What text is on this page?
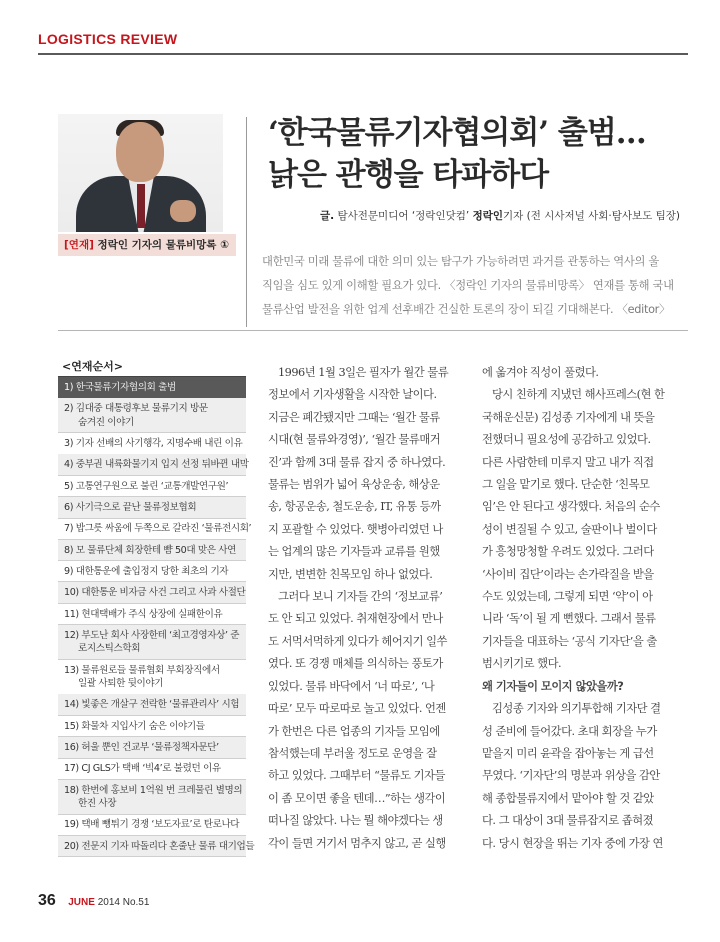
LOGISTICS REVIEW
[연재] 정락인 기자의 물류비망록 ①
‘한국물류기자협의회’ 출범…
낡은 관행을 타파하다
글. 탐사전문미디어 ‘정락인닷컴’ 정락인기자 (전 시사저널 사회·탐사보도 팀장)
대한민국 미래 물류에 대한 의미 있는 탐구가 가능하려면 과거를 관통하는 역사의 울
직임을 심도 있게 이해할 필요가 있다. 〈정락인 기자의 물류비망록〉 연재를 통해 국내
물류산업 발전을 위한 업계 선후배간 건실한 토론의 장이 되길 기대해본다. 〈editor〉
<연재순서>
1) 한국물류기자협의회 출범
2) 김대중 대통령후보 물류기지 방문
숨겨진 이야기
3) 기자 선배의 사기행각, 지명수배 내린 이유
4) 중부권 내륙화물기지 입지 선정 뒤바뀐 내막
5) 고통연구원으로 불린 ‘교통개발연구원’
6) 사기극으로 끝난 물류정보협회
7) 밥그릇 싸움에 두쪽으로 갈라진 ‘물류전시회’
8) 모 물류단체 회장한테 뺨 50대 맞은 사연
9) 대한통운에 출입정지 당한 최초의 기자
10) 대한통운 비자금 사건 그리고 사과 사절단
11) 현대택배가 주식 상장에 실패한이유
12) 부도난 회사 사장한테 ‘최고경영자상’ 준
로지스틱스학회
13) 물류원로들 물류협회 부회장직에서
일괄 사퇴한 뒷이야기
14) 빛좋은 개살구 전락한 ‘물류관리사’ 시험
15) 화물차 지입사기 숨은 이야기들
16) 허울 뿐인 건교부 ‘물류정책자문단’
17) CJ GLS가 택배 ‘빅4’로 불렸던 이유
18) 한번에 홍보비 1억원 번 크레물린 별명의
한진 사장
19) 택배 뺑튀기 경쟁 ‘보도자료’로 탄로나다
20) 전문지 기자 따돌리다 혼줄난 물류 대기업들
1996년 1월 3일은 필자가 월간 물류
정보에서 기자생활을 시작한 날이다.
지금은 폐간됐지만 그때는 ‘월간 물류
시대(현 물류와경영)’, ‘월간 물류매거
진’과 함께 3대 물류 잡지 중 하나였다.
물류는 범위가 넓어 육상운송, 해상운
송, 항공운송, 철도운송, IT, 유통 등까
지 포괄할 수 있었다. 햇병아리였던 나
는 업계의 많은 기자들과 교류를 원했
지만, 변변한 친목모임 하나 없었다.
그러다 보니 기자들 간의 ‘정보교류’
도 안 되고 있었다. 취재현장에서 만나
도 서먹서먹하게 있다가 헤어지기 일쑤
였다. 또 경쟁 매체를 의식하는 풍토가
있었다. 물류 바닥에서 ‘너 따로’, ‘나
따로’ 모두 따로따로 놀고 있었다. 언젠
가 한번은 다른 업종의 기자들 모임에
참석했는데 부러울 정도로 운영을 잘
하고 있었다. 그때부터 “물류도 기자들
이 좀 모이면 좋을 텐데…”하는 생각이
떠나질 않았다. 나는 뭘 해야겠다는 생
각이 들면 거기서 멈추지 않고, 곧 실행
에 옮겨야 직성이 풀렸다.
당시 친하게 지냈던 해사프레스(현 한
국해운신문) 김성종 기자에게 내 뜻을
전했더니 필요성에 공감하고 있었다.
다른 사람한테 미루지 말고 내가 직접
그 일을 맡기로 했다. 단순한 ‘친목모
임’은 안 된다고 생각했다. 처음의 순수
성이 변질될 수 있고, 술판이나 벌이다
가 흥청망청할 우려도 있었다. 그러다
‘사이비 집단’이라는 손가락질을 받을
수도 있었는데, 그렇게 되면 ‘약’이 아
니라 ‘독’이 될 게 뻔했다. 그래서 물류
기자들을 대표하는 ‘공식 기자단’을 출
범시키기로 했다.
왜 기자들이 모이지 않았을까?
김성종 기자와 의기투합해 기자단 결
성 준비에 들어갔다. 초대 회장을 누가
맡을지 미리 윤곽을 잡아놓는 게 급선
무였다. ‘기자단’의 명분과 위상을 감안
해 종합물류지에서 맡아야 할 것 같았
다. 그 대상이 3대 물류잡지로 좁혀졌
다. 당시 현장을 뛰는 기자 중에 가장 연
36 JUNE 2014 No.51
